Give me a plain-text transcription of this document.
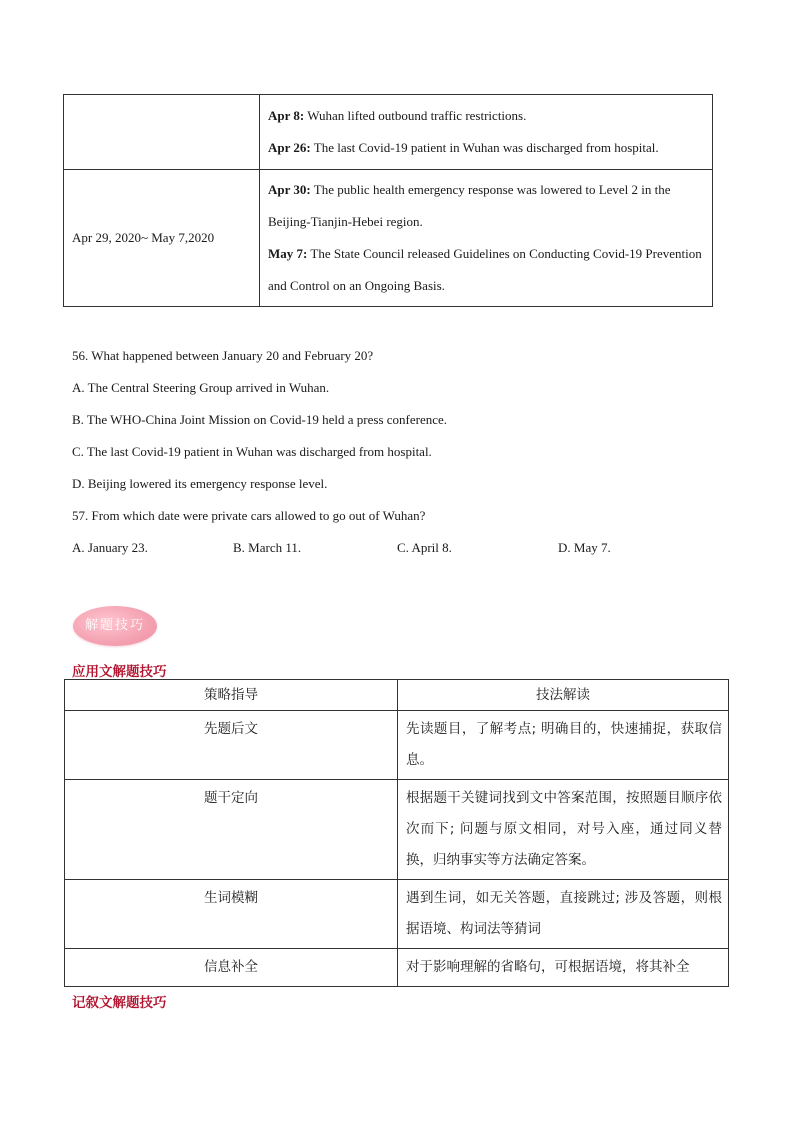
	Apr 8: Wuhan lifted outbound traffic restrictions.
Apr 26: The last Covid-19 patient in Wuhan was discharged from hospital.

Apr 29, 2020~ May 7,2020	Apr 30: The public health emergency response was lowered to Level 2 in the Beijing-Tianjin-Hebei region.
May 7: The State Council released Guidelines on Conducting Covid-19 Prevention and Control on an Ongoing Basis.
56. What happened between January 20 and February 20?
A. The Central Steering Group arrived in Wuhan.
B. The WHO-China Joint Mission on Covid-19 held a press conference.
C. The last Covid-19 patient in Wuhan was discharged from hospital.
D. Beijing lowered its emergency response level.
57. From which date were private cars allowed to go out of Wuhan?
A. January 23.	B. March 11.	C. April 8.	D. May 7.
解题技巧
应用文解题技巧
策略指导	技法解读
先题后文	先读题目，了解考点; 明确目的，快速捕捉，获取信息。
题干定向	根据题干关键词找到文中答案范围，按照题目顺序依次而下; 问题与原文相同，对号入座，通过同义替换，归纳事实等方法确定答案。
生词模糊	遇到生词，如无关答题，直接跳过; 涉及答题，则根据语境、构词法等猜词
信息补全	对于影响理解的省略句，可根据语境，将其补全
记叙文解题技巧
